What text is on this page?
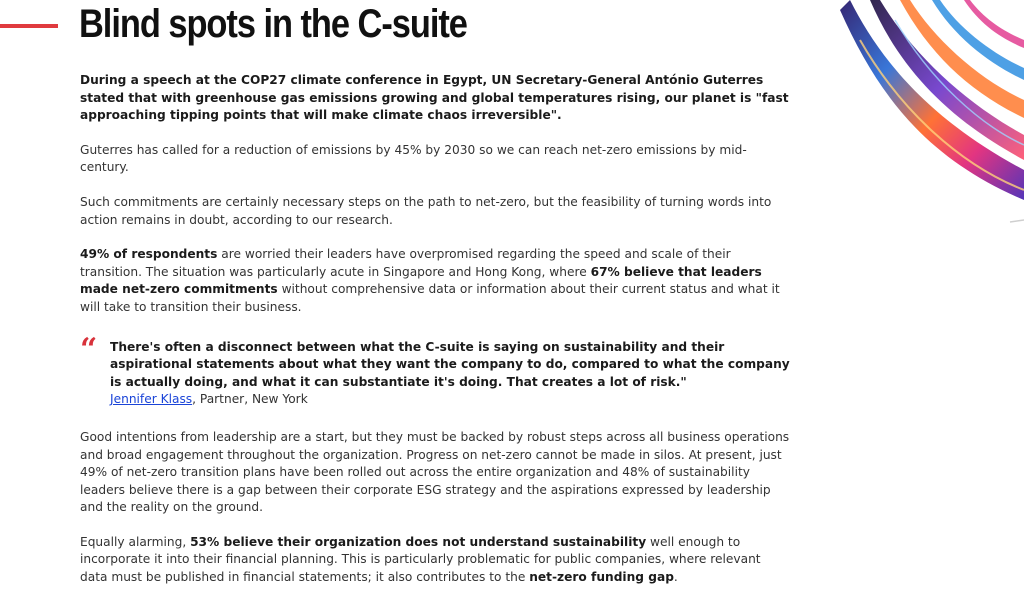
Blind spots in the C-suite

During a speech at the COP27 climate conference in Egypt, UN Secretary-General António Guterres stated that with greenhouse gas emissions growing and global temperatures rising, our planet is "fast approaching tipping points that will make climate chaos irreversible".

Guterres has called for a reduction of emissions by 45% by 2030 so we can reach net-zero emissions by mid-century.

Such commitments are certainly necessary steps on the path to net-zero, but the feasibility of turning words into action remains in doubt, according to our research.

49% of respondents are worried their leaders have overpromised regarding the speed and scale of their transition. The situation was particularly acute in Singapore and Hong Kong, where 67% believe that leaders made net-zero commitments without comprehensive data or information about their current status and what it will take to transition their business.

“ There's often a disconnect between what the C-suite is saying on sustainability and their aspirational statements about what they want the company to do, compared to what the company is actually doing, and what it can substantiate it's doing. That creates a lot of risk."

Jennifer Klass, Partner, New York

Good intentions from leadership are a start, but they must be backed by robust steps across all business operations and broad engagement throughout the organization. Progress on net-zero cannot be made in silos. At present, just 49% of net-zero transition plans have been rolled out across the entire organization and 48% of sustainability leaders believe there is a gap between their corporate ESG strategy and the aspirations expressed by leadership and the reality on the ground.

Equally alarming, 53% believe their organization does not understand sustainability well enough to incorporate it into their financial planning. This is particularly problematic for public companies, where relevant data must be published in financial statements; it also contributes to the net-zero funding gap.
